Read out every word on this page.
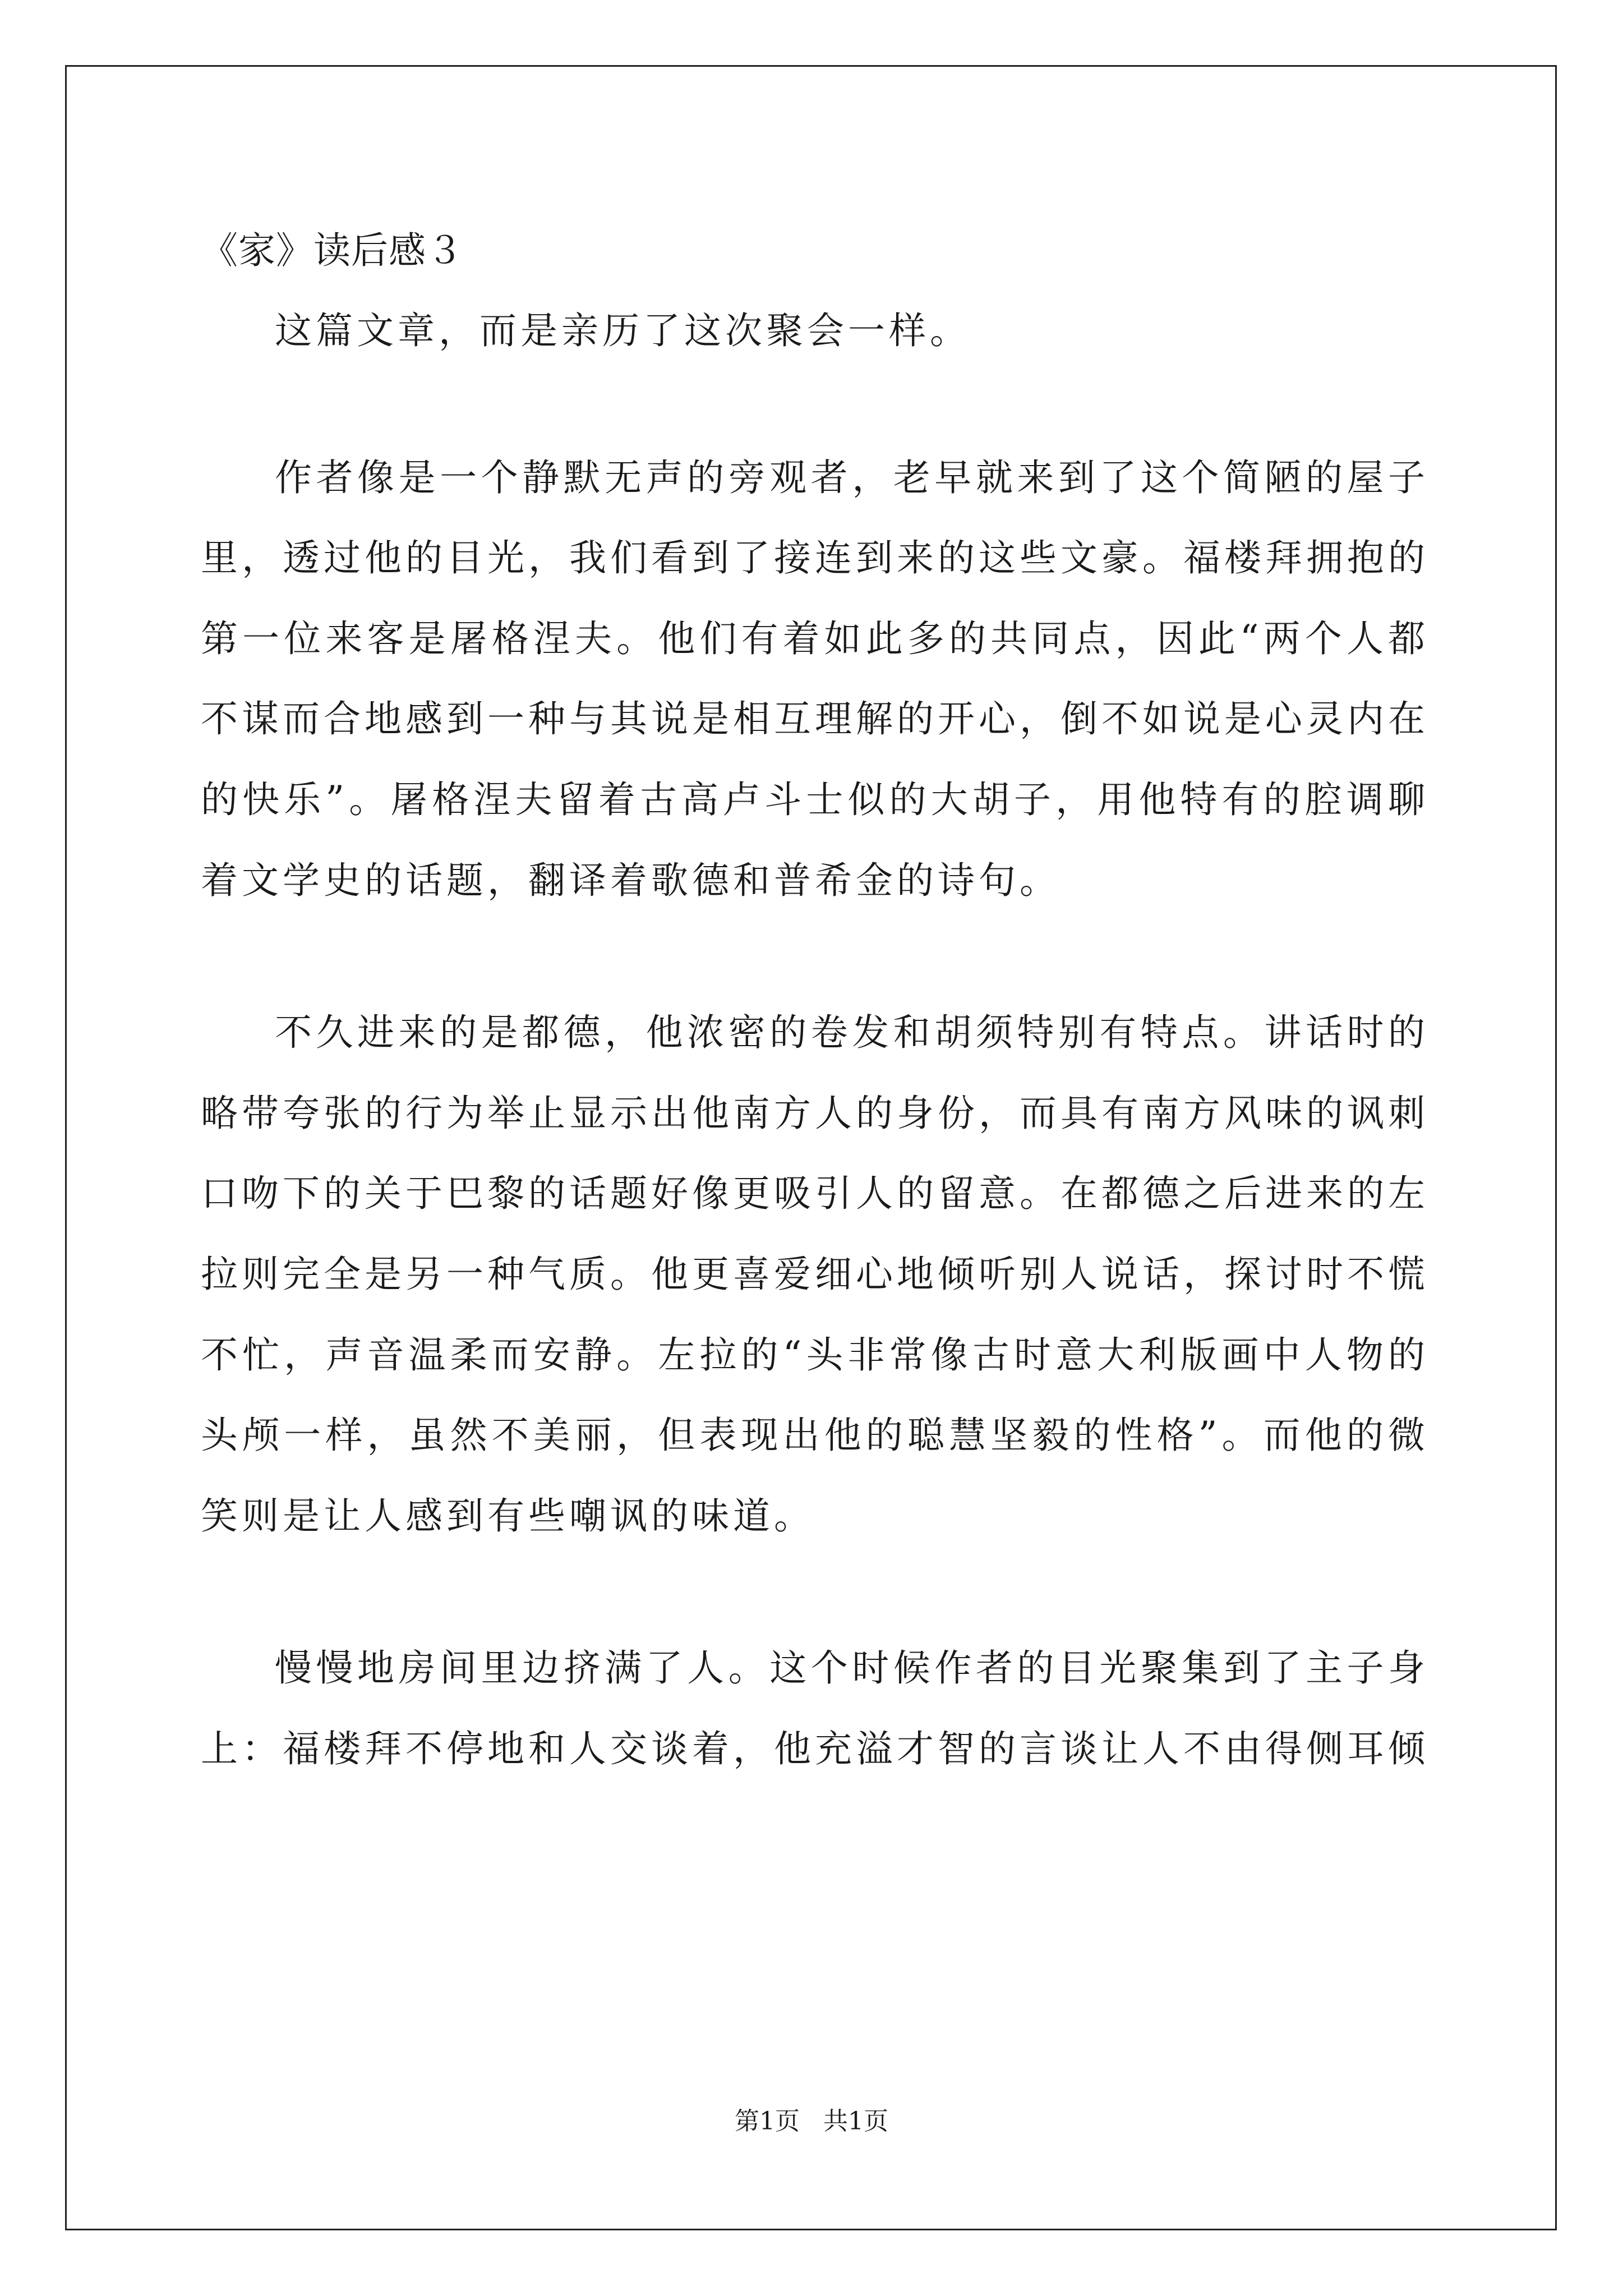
《家》读后感３

这篇文章，而是亲历了这次聚会一样。

作者像是一个静默无声的旁观者，老早就来到了这个简陋的屋子里，透过他的目光，我们看到了接连到来的这些文豪。福楼拜拥抱的第一位来客是屠格涅夫。他们有着如此多的共同点，因此“两个人都不谋而合地感到一种与其说是相互理解的开心，倒不如说是心灵内在的快乐”。屠格涅夫留着古高卢斗士似的大胡子，用他特有的腔调聊着文学史的话题，翻译着歌德和普希金的诗句。

不久进来的是都德，他浓密的卷发和胡须特别有特点。讲话时的略带夸张的行为举止显示出他南方人的身份，而具有南方风味的讽刺口吻下的关于巴黎的话题好像更吸引人的留意。在都德之后进来的左拉则完全是另一种气质。他更喜爱细心地倾听别人说话，探讨时不慌不忙，声音温柔而安静。左拉的“头非常像古时意大利版画中人物的头颅一样，虽然不美丽，但表现出他的聪慧坚毅的性格”。而他的微笑则是让人感到有些嘲讽的味道。

慢慢地房间里边挤满了人。这个时候作者的目光聚集到了主子身上：福楼拜不停地和人交谈着，他充溢才智的言谈让人不由得侧耳倾

第1页   共1页
